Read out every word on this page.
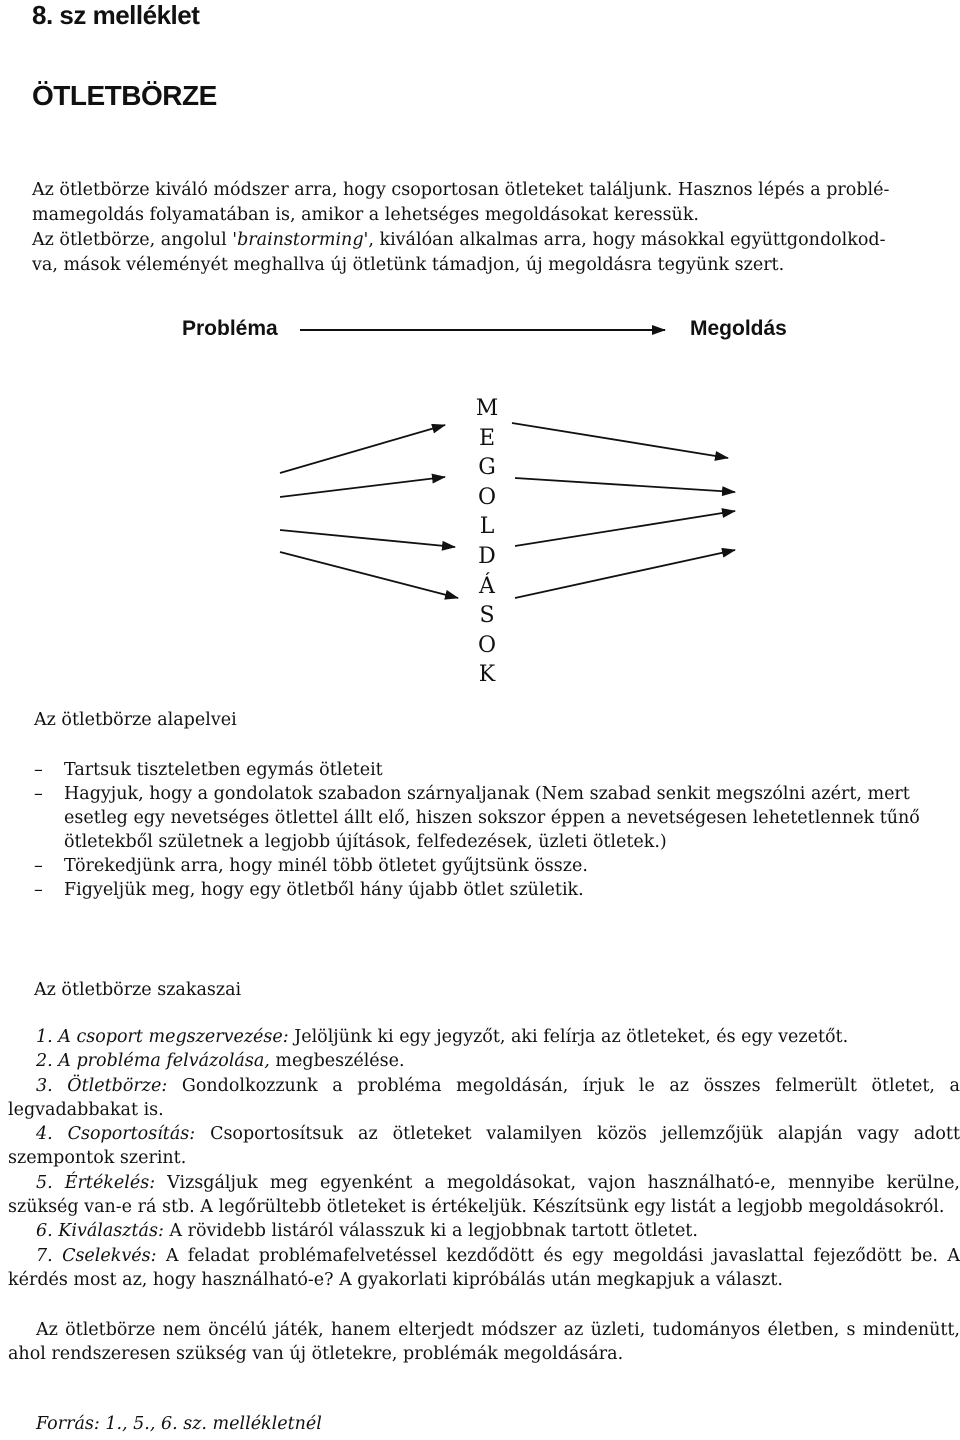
8. sz melléklet
ÖTLETBÖRZE
Az ötletbörze kiváló módszer arra, hogy csoportosan ötleteket találjunk. Hasznos lépés a problé-
mamegoldás folyamatában is, amikor a lehetséges megoldásokat keressük.
Az ötletbörze, angolul 'brainstorming', kiválóan alkalmas arra, hogy másokkal együttgondolkod-
va, mások véleményét meghallva új ötletünk támadjon, új megoldásra tegyünk szert.
Probléma	Megoldás
M
E
G
O
L
D
Á
S
O
K
Az ötletbörze alapelvei
– Tartsuk tiszteletben egymás ötleteit
– Hagyjuk, hogy a gondolatok szabadon szárnyaljanak (Nem szabad senkit megszólni azért, mert esetleg egy nevetséges ötlettel állt elő, hiszen sokszor éppen a nevetségesen lehetetlennek tűnő ötletekből születnek a legjobb újítások, felfedezések, üzleti ötletek.)
– Törekedjünk arra, hogy minél több ötletet gyűjtsünk össze.
– Figyeljük meg, hogy egy ötletből hány újabb ötlet születik.
Az ötletbörze szakaszai
1. A csoport megszervezése: Jelöljünk ki egy jegyzőt, aki felírja az ötleteket, és egy vezetőt.
2. A probléma felvázolása, megbeszélése.
3. Ötletbörze: Gondolkozzunk a probléma megoldásán, írjuk le az összes felmerült ötletet, a legvadabbakat is.
4. Csoportosítás: Csoportosítsuk az ötleteket valamilyen közös jellemzőjük alapján vagy adott szempontok szerint.
5. Értékelés: Vizsgáljuk meg egyenként a megoldásokat, vajon használható-e, mennyibe kerülne, szükség van-e rá stb. A legőrültebb ötleteket is értékeljük. Készítsünk egy listát a legjobb megoldásokról.
6. Kiválasztás: A rövidebb listáról válasszuk ki a legjobbnak tartott ötletet.
7. Cselekvés: A feladat problémafelvetéssel kezdődött és egy megoldási javaslattal fejeződött be. A kérdés most az, hogy használható-e? A gyakorlati kipróbálás után megkapjuk a választ.
Az ötletbörze nem öncélú játék, hanem elterjedt módszer az üzleti, tudományos életben, s mindenütt, ahol rendszeresen szükség van új ötletekre, problémák megoldására.
Forrás: 1., 5., 6. sz. mellékletnél
